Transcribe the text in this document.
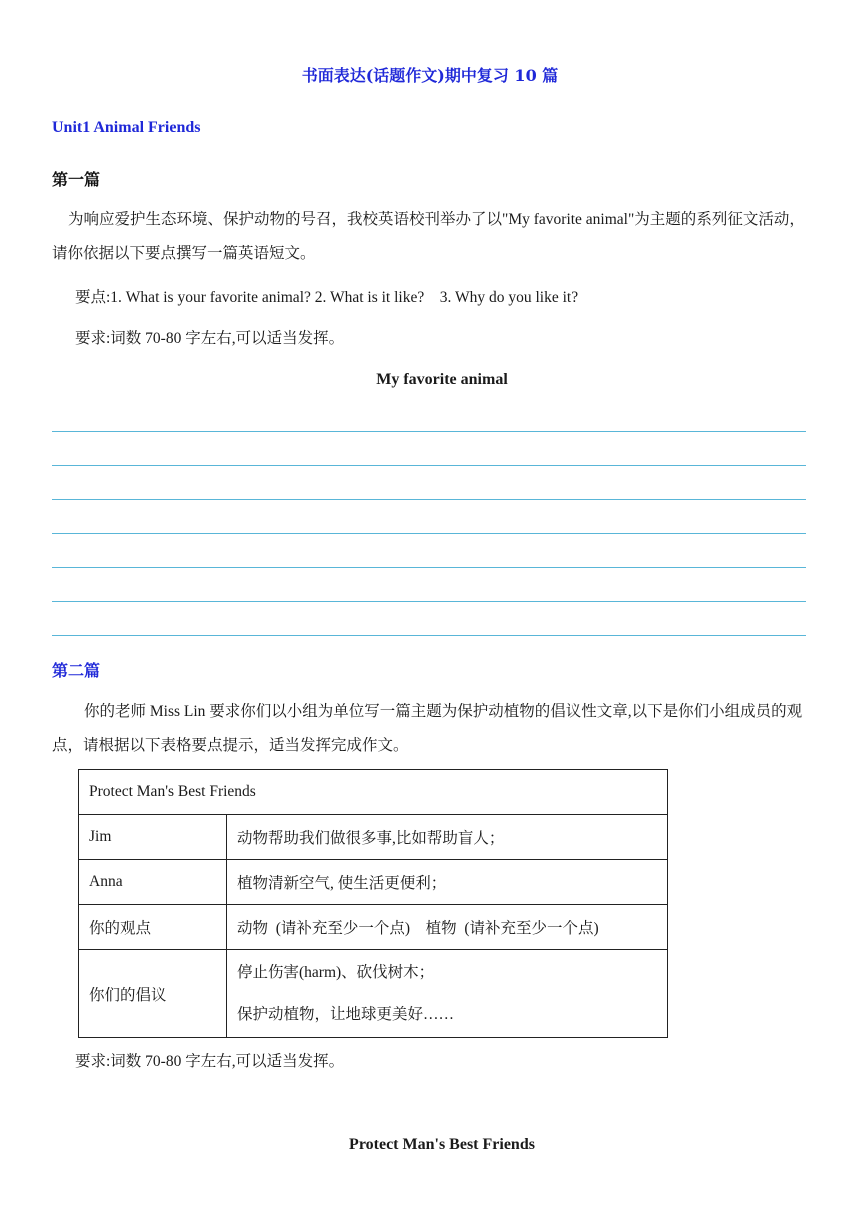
书面表达(话题作文)期中复习 10 篇
Unit1 Animal Friends
第一篇
为响应爱护生态环境、保护动物的号召，我校英语校刊举办了以"My favorite animal"为主题的系列征文活动，请你依据以下要点撰写一篇英语短文。
要点:1. What is your favorite animal? 2. What is it like?    3. Why do you like it?
要求:词数 70-80 字左右,可以适当发挥。
My favorite animal
第二篇
你的老师 Miss Lin 要求你们以小组为单位写一篇主题为保护动植物的倡议性文章,以下是你们小组成员的观点，请根据以下表格要点提示，适当发挥完成作文。
Protect Man's Best Friends	
Jim	动物帮助我们做很多事,比如帮助盲人；
Anna	植物清新空气, 使生活更便利；
你的观点	动物  (请补充至少一个点)    植物  (请补充至少一个点)
你们的倡议	停止伤害(harm)、砍伐树木；
保护动植物，让地球更美好……
要求:词数 70-80 字左右,可以适当发挥。
Protect Man's Best Friends
